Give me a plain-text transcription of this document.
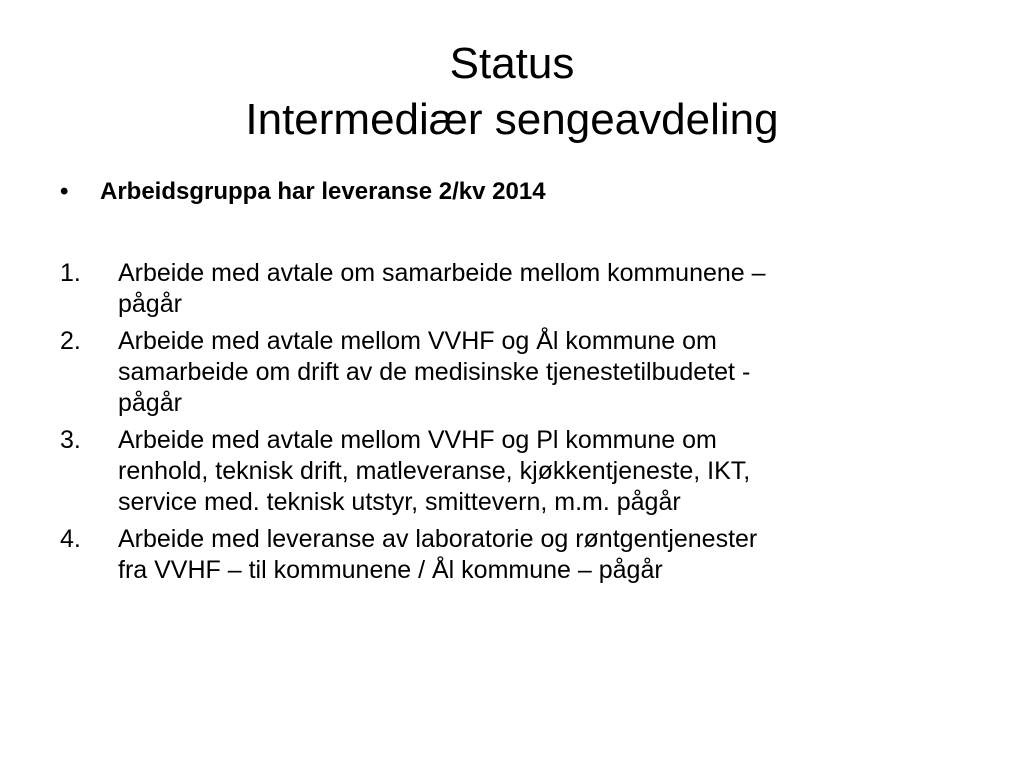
Status
Intermediær sengeavdeling
• Arbeidsgruppa har leveranse 2/kv 2014
1. Arbeide med avtale om samarbeide mellom kommunene –
pågår
2. Arbeide med avtale mellom VVHF og Ål kommune om
samarbeide om drift av de medisinske tjenestetilbudetet -
pågår
3. Arbeide med avtale mellom VVHF og Pl kommune om
renhold, teknisk drift, matleveranse, kjøkkentjeneste, IKT,
service med. teknisk utstyr, smittevern, m.m. pågår
4. Arbeide med leveranse av laboratorie og røntgentjenester
fra VVHF – til kommunene / Ål kommune – pågår
